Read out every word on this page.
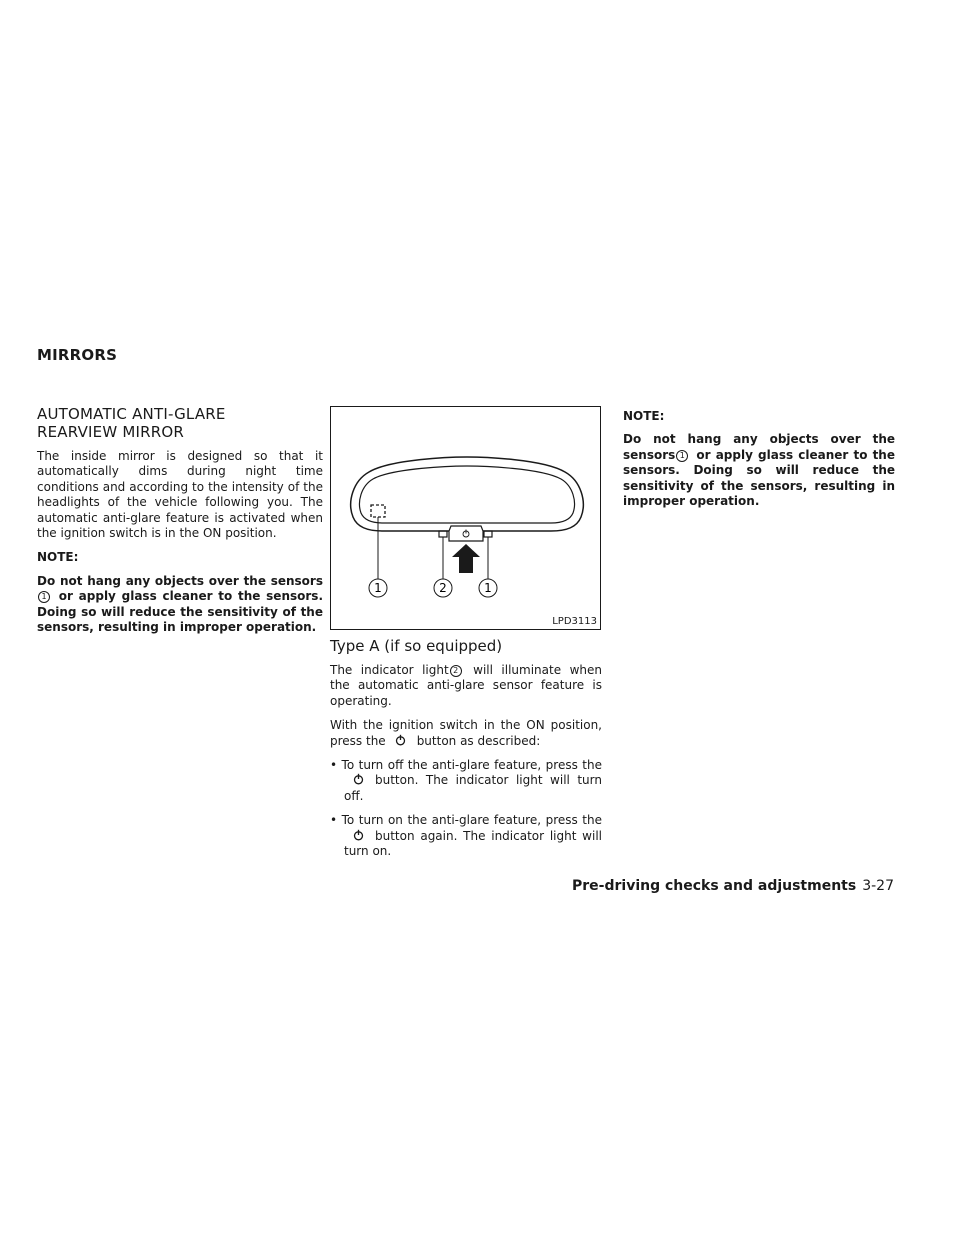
MIRRORS
AUTOMATIC ANTI-GLARE
REARVIEW MIRROR

The inside mirror is designed so that it automatically dims during night time conditions and according to the intensity of the headlights of the vehicle following you. The automatic anti-glare feature is activated when the ignition switch is in the ON position.

NOTE:

Do not hang any objects over the sensors1 or apply glass cleaner to the sensors. Doing so will reduce the sensitivity of the sensors, resulting in improper operation.

1	2	1
LPD3113
Type A (if so equipped)

The indicator light 2 will illuminate when the automatic anti-glare sensor feature is operating.

With the ignition switch in the ON position, press the	button as described:

• To turn off the anti-glare feature, press thebutton. The indicator light will turn off.

• To turn on the anti-glare feature, press thebutton again. The indicator light will turn on.

NOTE:

Do not hang any objects over the sensors 1 or apply glass cleaner to the sensors. Doing so will reduce the sensitivity of the sensors, resulting in improper operation.

Pre-driving checks and adjustments 3-27
